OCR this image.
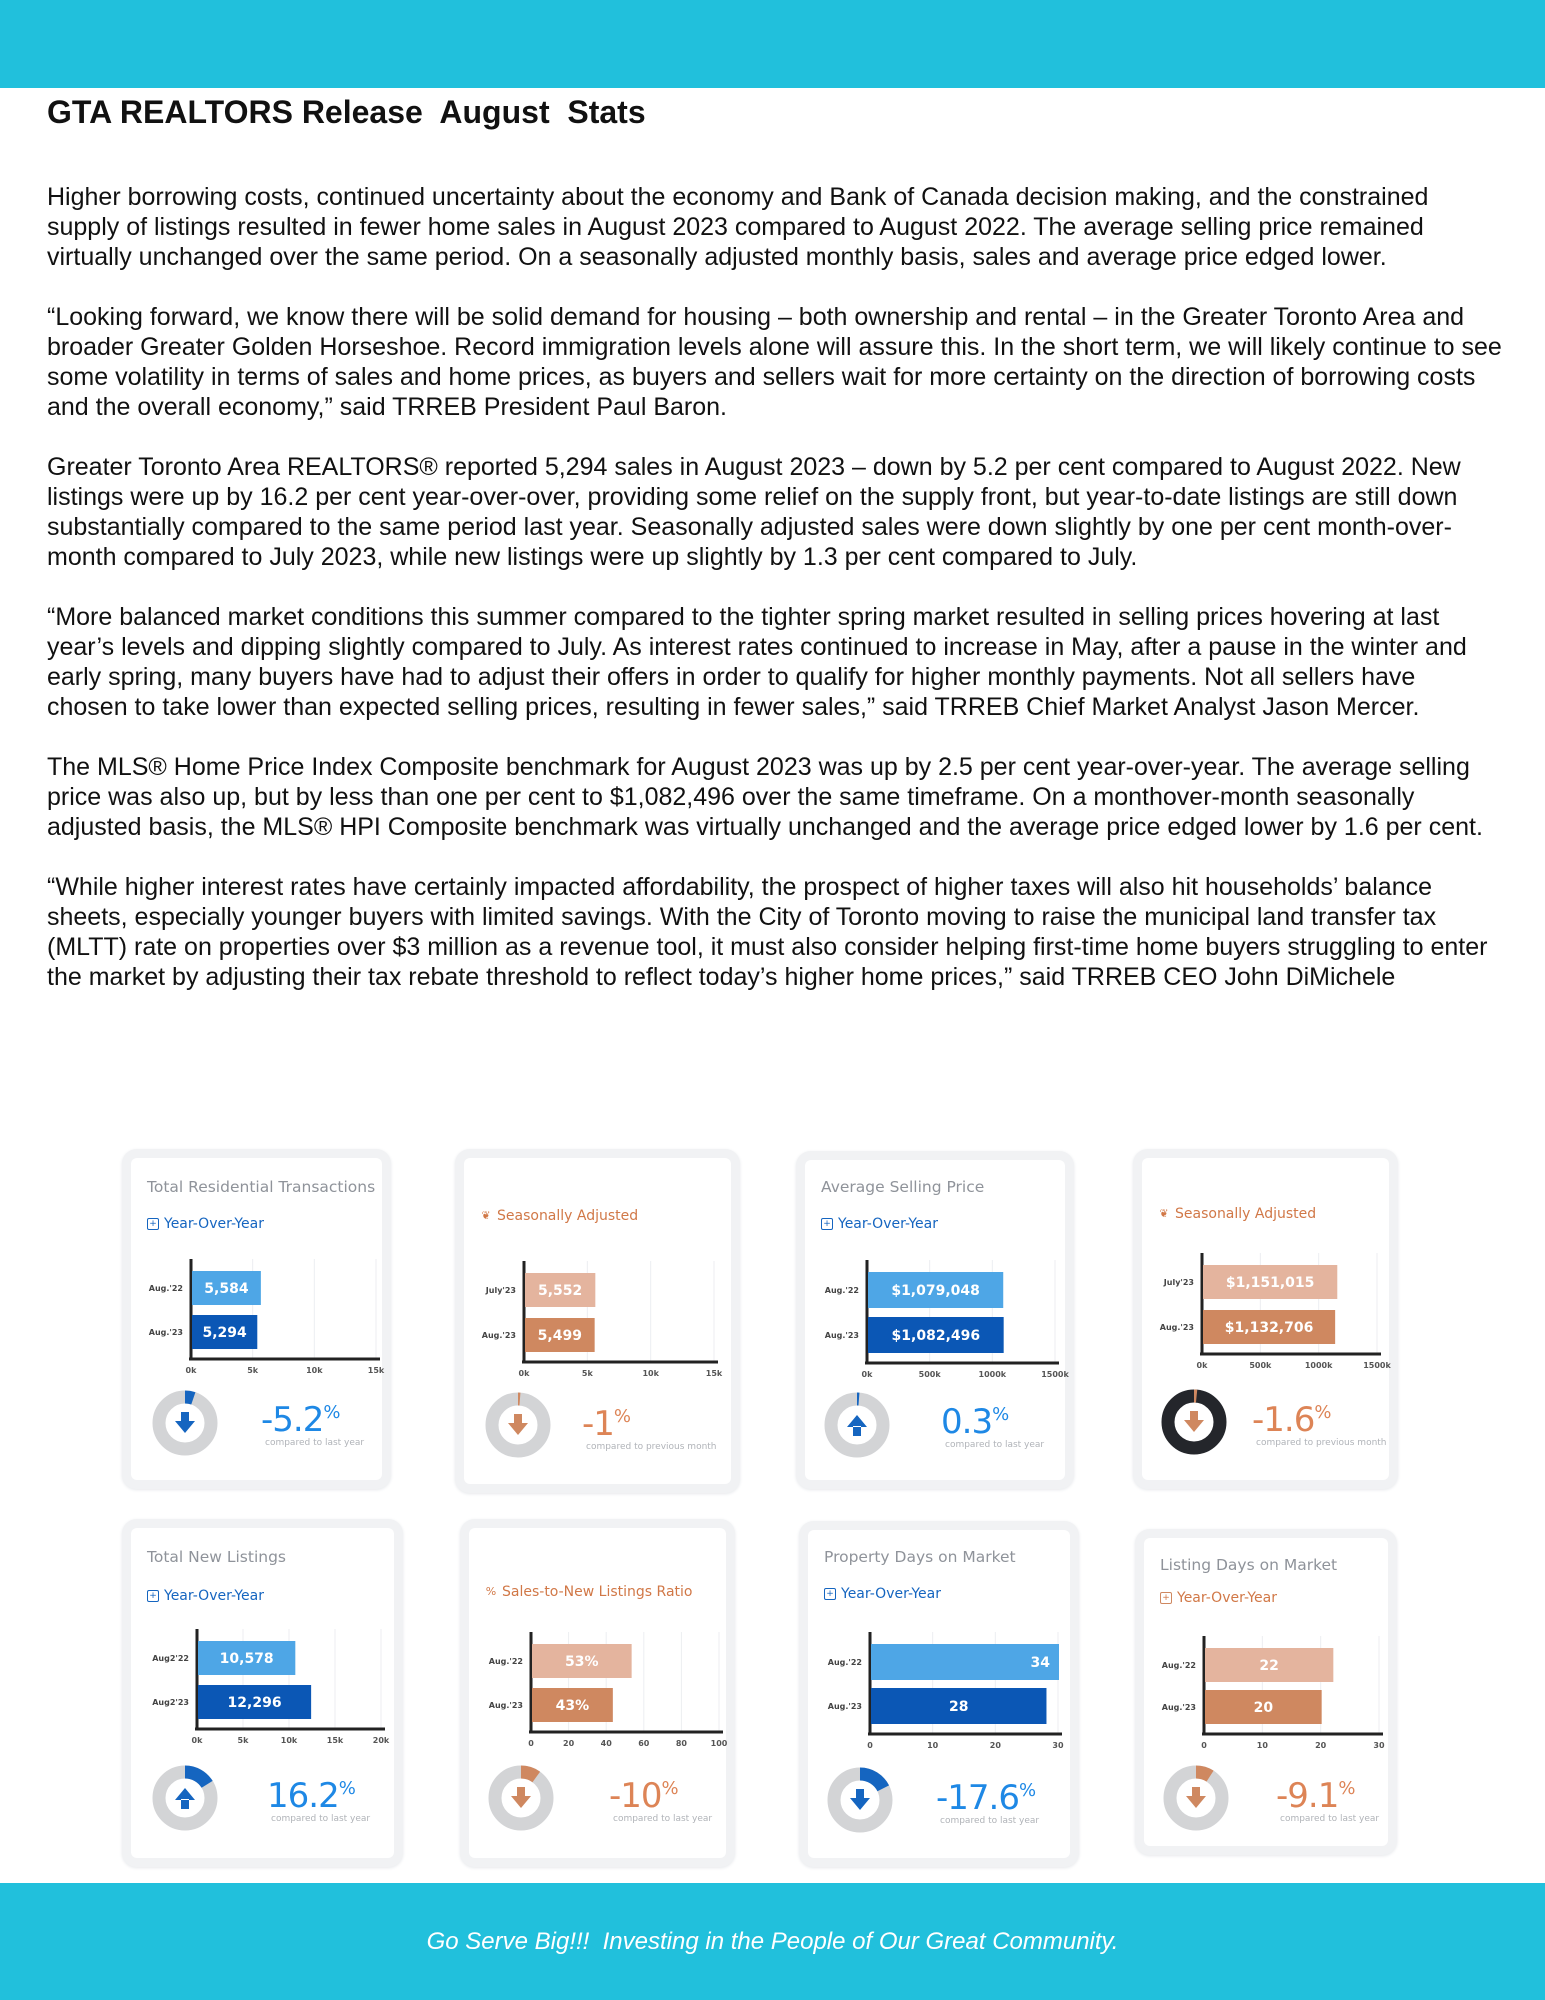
GTA REALTORS Release  August  Stats

Higher borrowing costs, continued uncertainty about the economy and Bank of Canada decision making, and the constrained supply of listings resulted in fewer home sales in August 2023 compared to August 2022. The average selling price remained virtually unchanged over the same period. On a seasonally adjusted monthly basis, sales and average price edged lower.

“Looking forward, we know there will be solid demand for housing – both ownership and rental – in the Greater Toronto Area and broader Greater Golden Horseshoe. Record immigration levels alone will assure this. In the short term, we will likely continue to see some volatility in terms of sales and home prices, as buyers and sellers wait for more certainty on the direction of borrowing costs and the overall economy,” said TRREB President Paul Baron.

Greater Toronto Area REALTORS® reported 5,294 sales in August 2023 – down by 5.2 per cent compared to August 2022. New listings were up by 16.2 per cent year-over-over, providing some relief on the supply front, but year-to-date listings are still down substantially compared to the same period last year. Seasonally adjusted sales were down slightly by one per cent month-over-month compared to July 2023, while new listings were up slightly by 1.3 per cent compared to July.

“More balanced market conditions this summer compared to the tighter spring market resulted in selling prices hovering at last year’s levels and dipping slightly compared to July. As interest rates continued to increase in May, after a pause in the winter and early spring, many buyers have had to adjust their offers in order to qualify for higher monthly payments. Not all sellers have chosen to take lower than expected selling prices, resulting in fewer sales,” said TRREB Chief Market Analyst Jason Mercer.

The MLS® Home Price Index Composite benchmark for August 2023 was up by 2.5 per cent year-over-year. The average selling price was also up, but by less than one per cent to $1,082,496 over the same timeframe. On a monthover-month seasonally adjusted basis, the MLS® HPI Composite benchmark was virtually unchanged and the average price edged lower by 1.6 per cent.

“While higher interest rates have certainly impacted affordability, the prospect of higher taxes will also hit households’ balance sheets, especially younger buyers with limited savings. With the City of Toronto moving to raise the municipal land transfer tax (MLTT) rate on properties over $3 million as a revenue tool, it must also consider helping first-time home buyers struggling to enter the market by adjusting their tax rebate threshold to reflect today’s higher home prices,” said TRREB CEO John DiMichele

Total Residential Transactions
+ Year-Over-Year
0k	5k	10k	15k
Aug.'22 5,584
Aug.'23 5,294
-5.2%
compared to last year
❦ Seasonally Adjusted
0k	5k	10k	15k
July'23 5,552
Aug.'23 5,499
-1%
compared to previous month
Average Selling Price
+ Year-Over-Year
0k	500k	1000k	1500k
Aug.'22 $1,079,048
Aug.'23 $1,082,496
0.3%
compared to last year
❦ Seasonally Adjusted
0k	500k	1000k	1500k
July'23 $1,151,015
Aug.'23 $1,132,706
-1.6%
compared to previous month
Total New Listings
+ Year-Over-Year
0k	5k	10k	15k	20k
Aug2'22 10,578
Aug2'23	12,296
16.2%
compared to last year
% Sales-to-New Listings Ratio
0	20	40	60	80	100
Aug.'22	53%
Aug.'23 43%
-10%
compared to last year
Property Days on Market
+ Year-Over-Year
0	10	20	30
Aug.'22	34
Aug.'23	28
-17.6%
compared to last year
Listing Days on Market
+ Year-Over-Year
0	10	20	30
Aug.'22	22
Aug.'23	20
-9.1%
compared to last year
Go Serve Big!!!  Investing in the People of Our Great Community.
